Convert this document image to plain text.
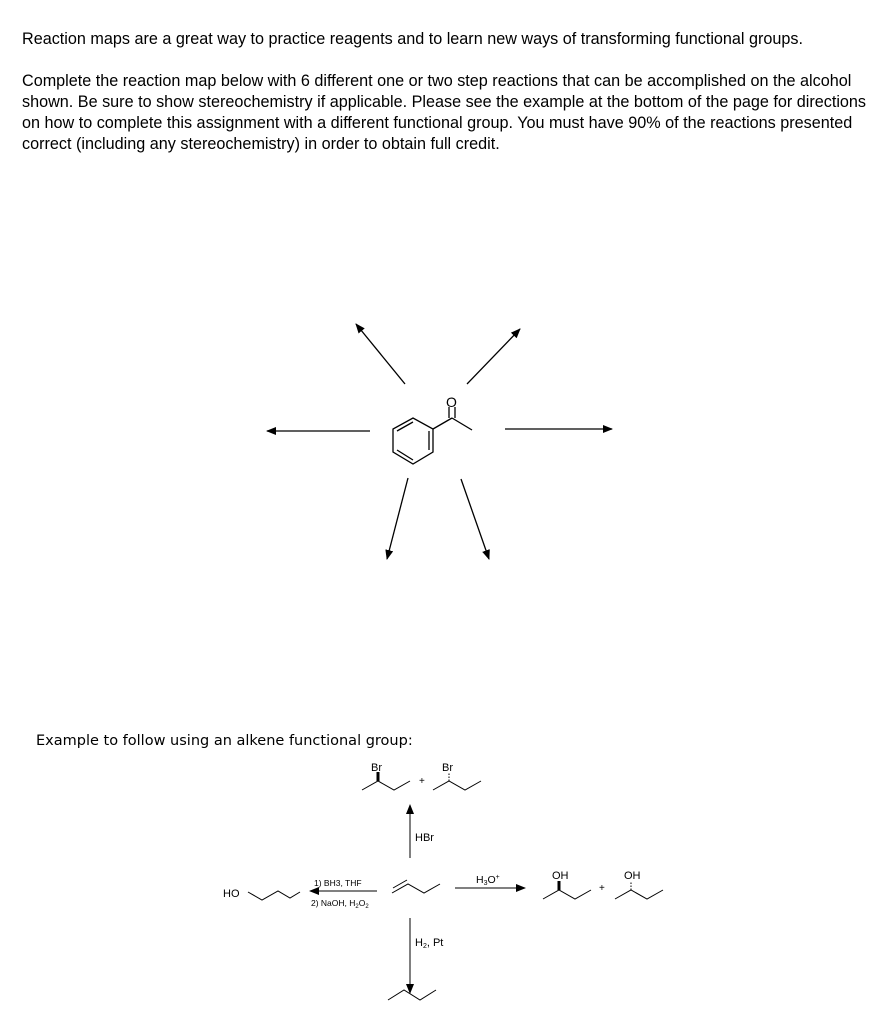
Reaction maps are a great way to practice reagents and to learn new ways of transforming functional groups.

Complete the reaction map below with 6 different one or two step reactions that can be accomplished on the alcohol shown. Be sure to show stereochemistry if applicable. Please see the example at the bottom of the page for directions on how to complete this assignment with a different functional group. You must have 90% of the reactions presented correct (including any stereochemistry) in order to obtain full credit.

O
Br
+
Br
HBr
1) BH3, THF
2) NaOH, $H_2O_2$
HO
H3O+	OH
+
OH
H2, Pt

Example to follow using an alkene functional group:
